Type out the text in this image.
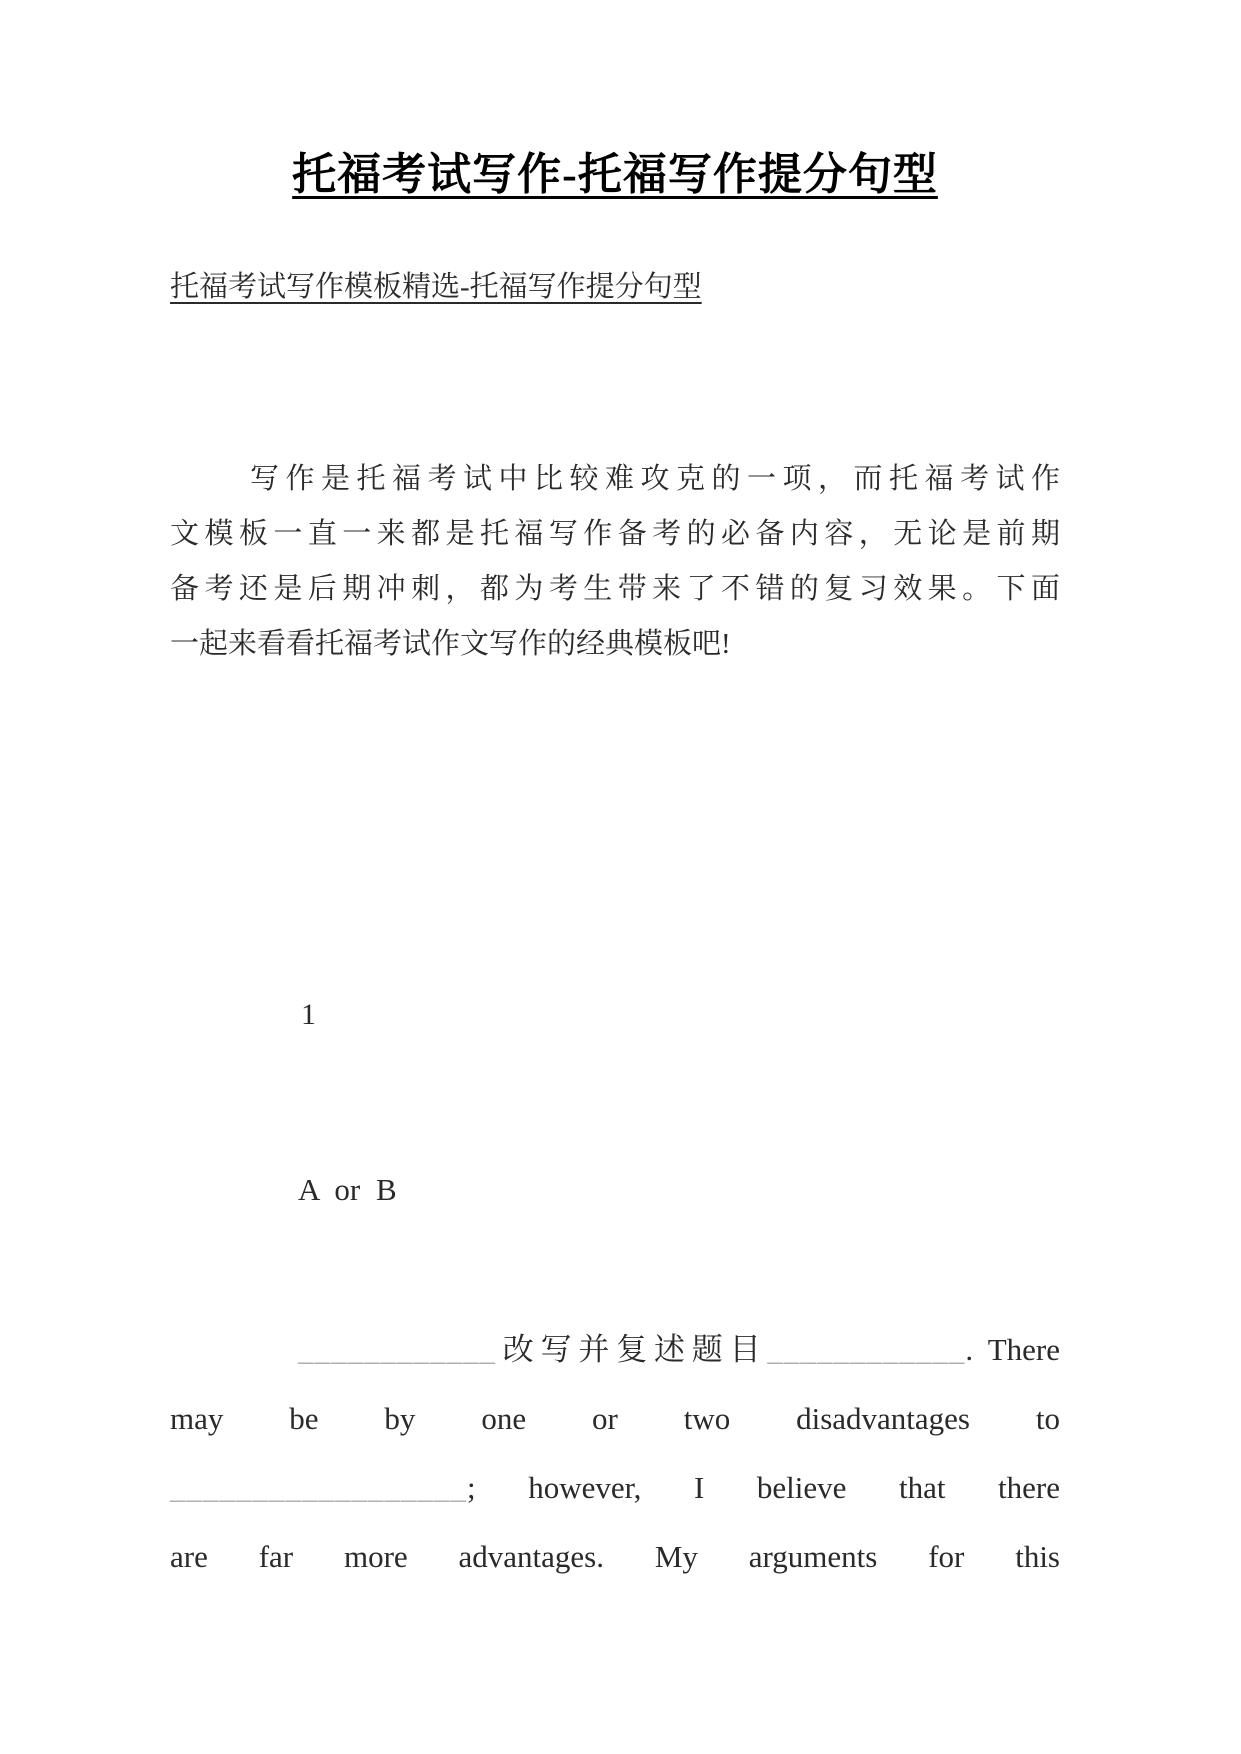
托福考试写作-托福写作提分句型
托福考试写作模板精选-托福写作提分句型
写作是托福考试中比较难攻克的一项，而托福考试作
文模板一直一来都是托福写作备考的必备内容，无论是前期
备考还是后期冲刺，都为考生带来了不错的复习效果。下面
一起来看看托福考试作文写作的经典模板吧!
1
A or B
____________改写并复述题目____________. There
may be by one or two disadvantages to
__________________; however, I believe that there
are far more advantages. My arguments for this
